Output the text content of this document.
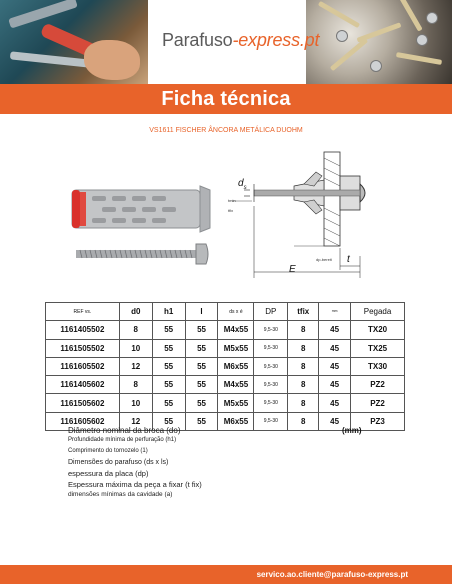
Parafuso-express.pt
Ficha técnica
VS1611 FISCHER ÂNCORA METÁLICA DUOHM
$d_s$
t
E
tmin
tfix
dp-bereit
REF vs.	d0	h1	l	ds x é	DP	tfix	ᵐᵐ	Pegada
1161405502	8	55	55	M4x55	9,5-30	8	45	TX20
1161505502	10	55	55	M5x55	9,5-30	8	45	TX25
1161605502	12	55	55	M6x55	9,5-30	8	45	TX30
1161405602	8	55	55	M4x55	9,5-30	8	45	PZ2
1161505602	10	55	55	M5x55	9,5-30	8	45	PZ2
1161605602	12	55	55	M6x55	9,5-30	8	45	PZ3
Diâmetro nominal da broca (do)	(mm)
Profundidade mínima de perfuração (h1)
Comprimento do tornozelo (1)
Dimensões do parafuso (ds x ls)
espessura da placa (dp)
Espessura máxima da peça a fixar (t fix)
dimensões mínimas da cavidade (a)
servico.ao.cliente@parafuso-express.pt
